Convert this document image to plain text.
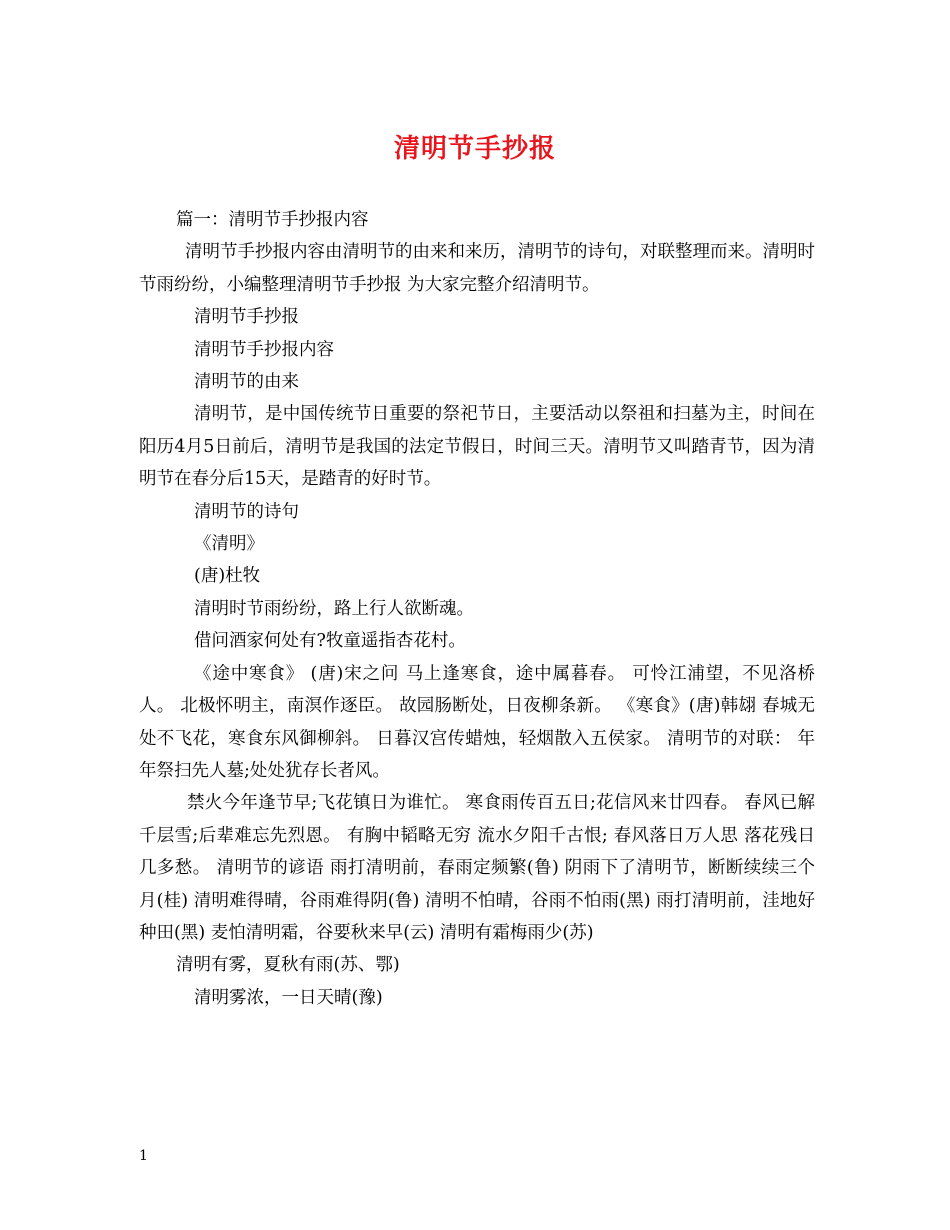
清明节手抄报

篇一：清明节手抄报内容

清明节手抄报内容由清明节的由来和来历，清明节的诗句，对联整理而来。清明时节雨纷纷，小编整理清明节手抄报 为大家完整介绍清明节。

清明节手抄报

清明节手抄报内容

清明节的由来

清明节，是中国传统节日重要的祭祀节日，主要活动以祭祖和扫墓为主，时间在阳历4月5日前后，清明节是我国的法定节假日，时间三天。清明节又叫踏青节，因为清明节在春分后15天，是踏青的好时节。

清明节的诗句

《清明》

(唐)杜牧

清明时节雨纷纷，路上行人欲断魂。

借问酒家何处有?牧童遥指杏花村。

《途中寒食》 (唐)宋之问 马上逢寒食，途中属暮春。 可怜江浦望，不见洛桥人。 北极怀明主，南溟作逐臣。 故园肠断处，日夜柳条新。 《寒食》(唐)韩翃 春城无处不飞花，寒食东风御柳斜。 日暮汉宫传蜡烛，轻烟散入五侯家。 清明节的对联： 年年祭扫先人墓;处处犹存长者风。

禁火今年逢节早;飞花镇日为谁忙。 寒食雨传百五日;花信风来廿四春。 春风已解千层雪;后辈难忘先烈恩。 有胸中韬略无穷 流水夕阳千古恨; 春风落日万人思 落花残日几多愁。 清明节的谚语 雨打清明前，春雨定频繁(鲁) 阴雨下了清明节，断断续续三个月(桂) 清明难得晴，谷雨难得阴(鲁) 清明不怕晴，谷雨不怕雨(黑) 雨打清明前，洼地好种田(黑) 麦怕清明霜，谷要秋来早(云) 清明有霜梅雨少(苏)

清明有雾，夏秋有雨(苏、鄂)

清明雾浓，一日天晴(豫)

1
